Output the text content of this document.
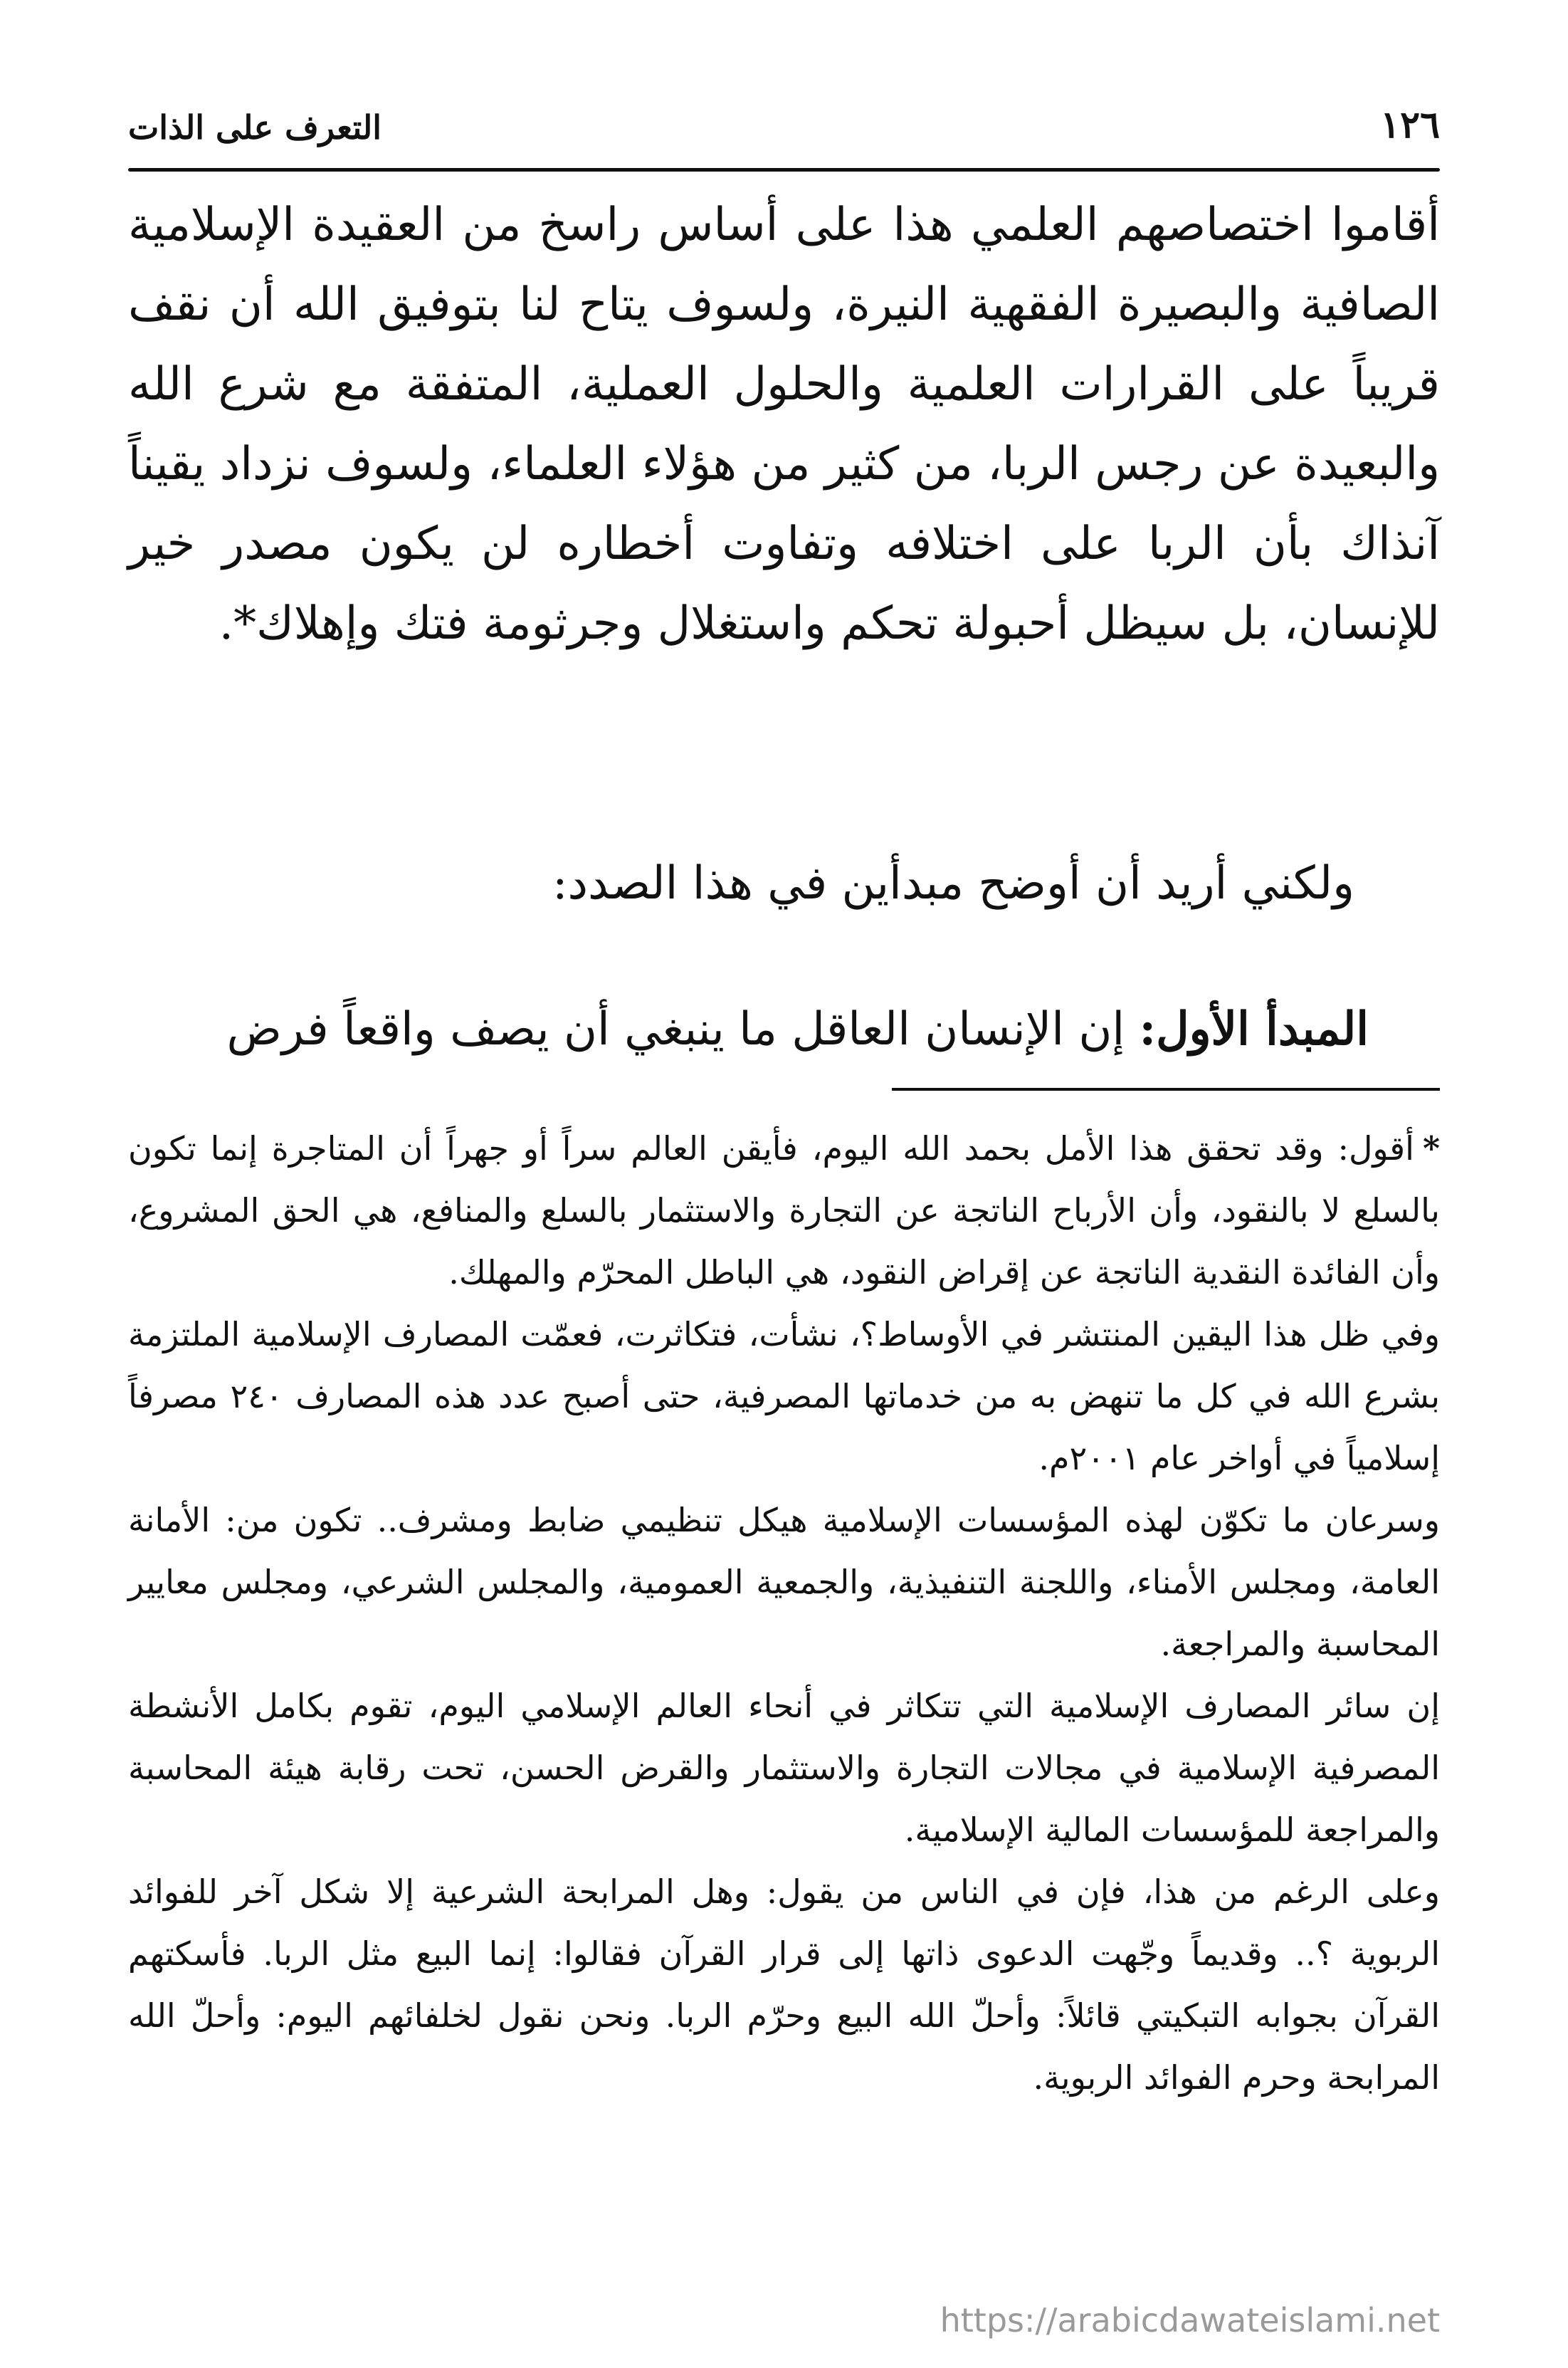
١٢٦
التعرف على الذات

أقاموا اختصاصهم العلمي هذا على أساس راسخ من العقيدة الإسلامية الصافية والبصيرة الفقهية النيرة، ولسوف يتاح لنا بتوفيق الله أن نقف قريباً على القرارات العلمية والحلول العملية، المتفقة مع شرع الله والبعيدة عن رجس الربا، من كثير من هؤلاء العلماء، ولسوف نزداد يقيناً آنذاك بأن الربا على اختلافه وتفاوت أخطاره لن يكون مصدر خير للإنسان، بل سيظل أحبولة تحكم واستغلال وجرثومة فتك وإهلاك*.

ولكني أريد أن أوضح مبدأين في هذا الصدد:

المبدأ الأول: إن الإنسان العاقل ما ينبغي أن يصف واقعاً فرض

*أقول: وقد تحقق هذا الأمل بحمد الله اليوم، فأيقن العالم سراً أو جهراً أن المتاجرة إنما تكون بالسلع لا بالنقود، وأن الأرباح الناتجة عن التجارة والاستثمار بالسلع والمنافع، هي الحق المشروع، وأن الفائدة النقدية الناتجة عن إقراض النقود، هي الباطل المحرّم والمهلك.

وفي ظل هذا اليقين المنتشر في الأوساط؟، نشأت، فتكاثرت، فعمّت المصارف الإسلامية الملتزمة بشرع الله في كل ما تنهض به من خدماتها المصرفية، حتى أصبح عدد هذه المصارف ٢٤٠ مصرفاً إسلامياً في أواخر عام ٢٠٠١م.

وسرعان ما تكوّن لهذه المؤسسات الإسلامية هيكل تنظيمي ضابط ومشرف.. تكون من: الأمانة العامة، ومجلس الأمناء، واللجنة التنفيذية، والجمعية العمومية، والمجلس الشرعي، ومجلس معايير المحاسبة والمراجعة.

إن سائر المصارف الإسلامية التي تتكاثر في أنحاء العالم الإسلامي اليوم، تقوم بكامل الأنشطة المصرفية الإسلامية في مجالات التجارة والاستثمار والقرض الحسن، تحت رقابة هيئة المحاسبة والمراجعة للمؤسسات المالية الإسلامية.

وعلى الرغم من هذا، فإن في الناس من يقول: وهل المرابحة الشرعية إلا شكل آخر للفوائد الربوية ؟.. وقديماً وجّهت الدعوى ذاتها إلى قرار القرآن فقالوا: إنما البيع مثل الربا. فأسكتهم القرآن بجوابه التبكيتي قائلاً: وأحلّ الله البيع وحرّم الربا. ونحن نقول لخلفائهم اليوم: وأحلّ الله المرابحة وحرم الفوائد الربوية.

https://arabicdawateislami.net
